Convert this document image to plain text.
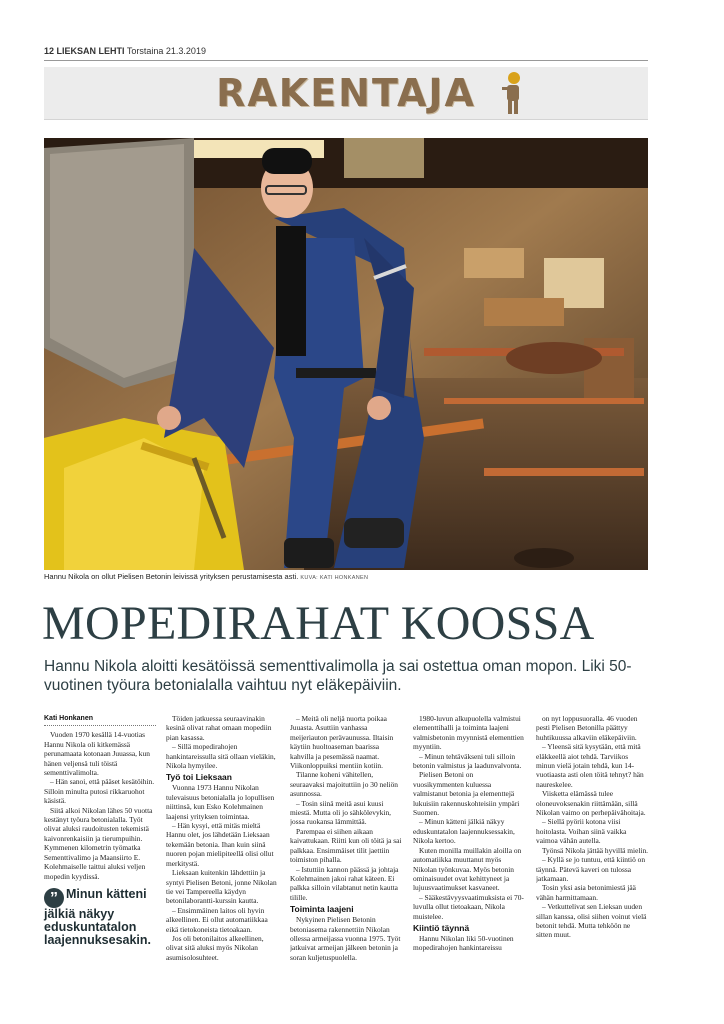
12 LIEKSAN LEHTI Torstaina 21.3.2019
RAKENTAJA
Hannu Nikola on ollut Pielisen Betonin leivissä yrityksen perustamisesta asti. KUVA: KATI HONKANEN
MOPEDIRAHAT KOOSSA
Hannu Nikola aloitti kesätöissä sementtivalimolla ja sai ostettua oman mopon. Liki 50-vuotinen työura betonialalla vaihtuu nyt eläkepäiviin.
Kati Honkanen

Vuoden 1970 kesällä 14-vuotias Hannu Nikola oli kitkemässä perunamaata kotonaan Juuassa, kun hänen veljensä tuli töistä sementtivalimolta.

– Hän sanoi, että pääset kesätöihin. Silloin minulta putosi rikkaruohot käsistä.

Siitä alkoi Nikolan lähes 50 vuotta kestänyt työura betonialalla. Työt olivat aluksi raudoitusten tekemistä kaivonrenkaisiin ja tierumpuihin. Kymmenen kilometrin työmatka Sementtivalimo ja Maansiirto E. Kolehmaiselle taittui aluksi veljen mopedin kyydissä.

Töiden jatkuessa seuraavinakin kesinä olivat rahat omaan mopediin pian kasassa.

– Sillä mopedirahojen hankintareissulla sitä ollaan vieläkin, Nikola hymyilee.

Työ toi Lieksaan

Vuonna 1973 Hannu Nikolan tulevaisuus betonialalla jo lopullisen niittinsä, kun Esko Kolehmainen laajensi yrityksen toimintaa.

– Hän kysyi, että mitäs mieltä Hannu olet, jos lähdetään Lieksaan tekemään betonia. Ihan kuin siinä nuoren pojan mielipiteellä olisi ollut merkitystä.

Lieksaan kuitenkin lähdettiin ja syntyi Pielisen Betoni, jonne Nikolan tie vei Tampereella käydyn betonilaborantti-kurssin kautta.

– Ensimmäinen laitos oli hyvin alkeellinen. Ei ollut automatiikkaa eikä tietokoneista tietoakaan.

Jos oli betonilaitos alkeellinen, olivat sitä aluksi myös Nikolan asumisolosuhteet.

– Meitä oli neljä nuorta poikaa Juuasta. Asuttiin vanhassa meijeriauton perävaunussa. Iltaisin käytiin huoltoaseman baarissa kahvilla ja pesemässä naamat. Viikonloppuiksi mentiin kotiin.

Tilanne koheni vähitellen, seuraavaksi majoituttiin jo 30 neliön asunnossa.

– Tosin siinä meitä asui kuusi miestä. Mutta oli jo sähkölevykin, jossa ruokansa lämmittää.

Parempaa ei siihen aikaan kaivattukaan. Riitti kun oli töitä ja sai palkkaa. Ensimmäiset tilit jaettiin toimiston pihalla.

– Istuttiin kannon päässä ja johtaja Kolehmainen jakoi rahat käteen. Ei palkka silloin vilabtanut netin kautta tilille.

Toiminta laajeni

Nykyinen Pielisen Betonin betoniasema rakennettiin Nikolan ollessa armeijassa vuonna 1975. Työt jatkuivat armeijan jälkeen betonin ja soran kuljetuspuolella.

1980-luvun alkupuolella valmistui elementtihalli ja toiminta laajeni valmisbetonin myynnistä elementtien myyntiin.

– Minun tehtäväkseni tuli silloin betonin valmistus ja laadunvalvonta.

Pielisen Betoni on vuosikymmenten kuluessa valmistanut betonia ja elementtejä lukuisiin rakennuskohteisiin ympäri Suomen.

– Minun kätteni jälkiä näkyy eduskuntatalon laajennuksessakin, Nikola kertoo.

Kuten monilla muillakin aloilla on automatiikka muuttanut myös Nikolan työnkuvaa. Myös betonin ominaisuudet ovat kehittyneet ja lujuusvaatimukset kasvaneet.

– Sääkestävyysvaatimuksista ei 70-luvulla ollut tietoakaan, Nikola muistelee.

Kiintiö täynnä

Hannu Nikolan liki 50-vuotinen mopedirahojen hankintareissu

on nyt loppusuoralla. 46 vuoden pesti Pielisen Betonilla päättyy huhtikuussa alkaviin eläkepäiviin.

– Yleensä sitä kysytään, että mitä eläkkeellä aiot tehdä. Tarviikos minun vielä jotain tehdä, kun 14-vuotiaasta asti olen töitä tehnyt? hän naureskelee.

Viisketta elämässä tulee oloneuvoksenakin riittämään, sillä Nikolan vaimo on perhepäivähoitaja.

– Siellä pyörii kotona viisi hoitolasta. Voihan siinä vaikka vaimoa vähän autella.

Työnsä Nikola jättää hyvillä mielin.

– Kyllä se jo tuntuu, että kiintiö on täynnä. Pätevä kaveri on tulossa jatkamaan.

Tosin yksi asia betonimiestä jää vähän harmittamaan.

– Vetkuttelivat sen Lieksan uuden sillan kanssa, olisi siihen voinut vielä betonit tehdä. Mutta tehköön ne sitten muut.

” Minun kätteni jälkiä näkyy eduskuntatalon laajennuksesakin.
